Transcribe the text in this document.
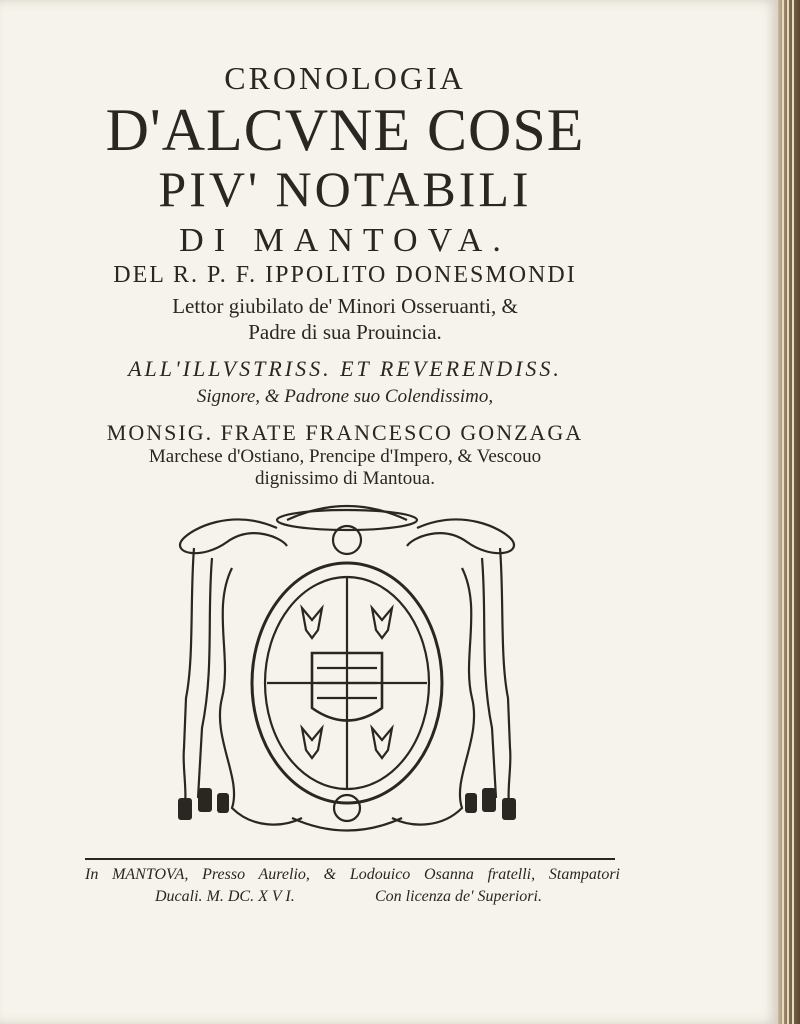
CRONOLOGIA
D'ALCVNE COSE
PIV' NOTABILI
DI MANTOVA.
DEL R. P. F. IPPOLITO DONESMONDI
Lettor giubilato de' Minori Osseruanti, &
Padre di sua Prouincia.
ALL'ILLVSTRISS. ET REVERENDISS.
Signore, & Padrone suo Colendissimo,
MONSIG. FRATE FRANCESCO GONZAGA
Marchese d'Ostiano, Prencipe d'Impero, & Vescouo
dignissimo di Mantoua.
In MANTOVA, Presso Aurelio, & Lodouico Osanna fratelli, Stampatori
Ducali. M. DC. X V I.	Con licenza de' Superiori.
